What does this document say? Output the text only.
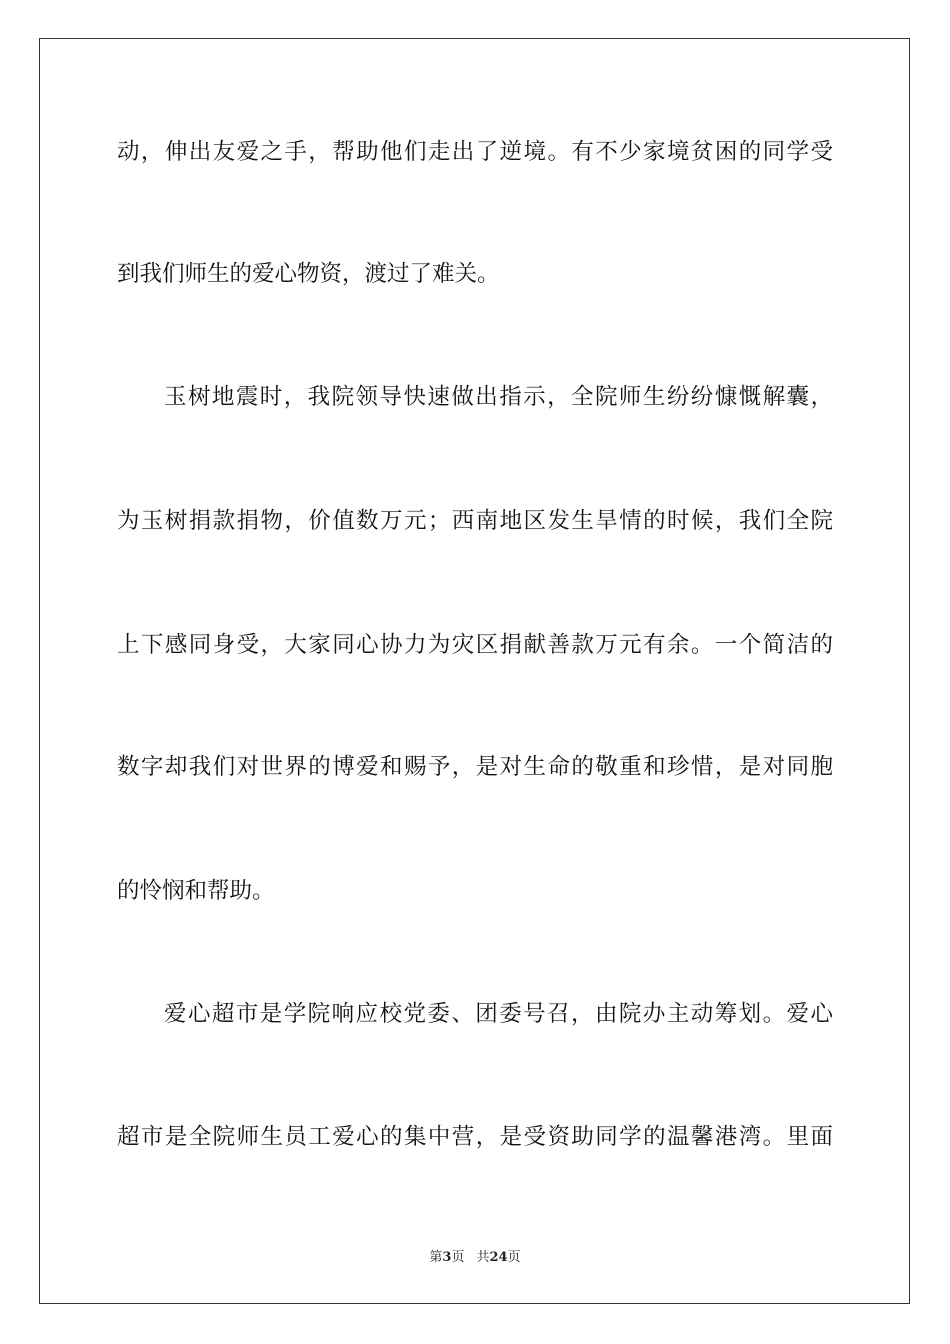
动，伸出友爱之手，帮助他们走出了逆境。有不少家境贫困的同学受
到我们师生的爱心物资，渡过了难关。
玉树地震时，我院领导快速做出指示，全院师生纷纷慷慨解囊，
为玉树捐款捐物，价值数万元；西南地区发生旱情的时候，我们全院
上下感同身受，大家同心协力为灾区捐献善款万元有余。一个简洁的
数字却我们对世界的博爱和赐予，是对生命的敬重和珍惜，是对同胞
的怜悯和帮助。
爱心超市是学院响应校党委、团委号召，由院办主动筹划。爱心
超市是全院师生员工爱心的集中营，是受资助同学的温馨港湾。里面
第3页 共24页
